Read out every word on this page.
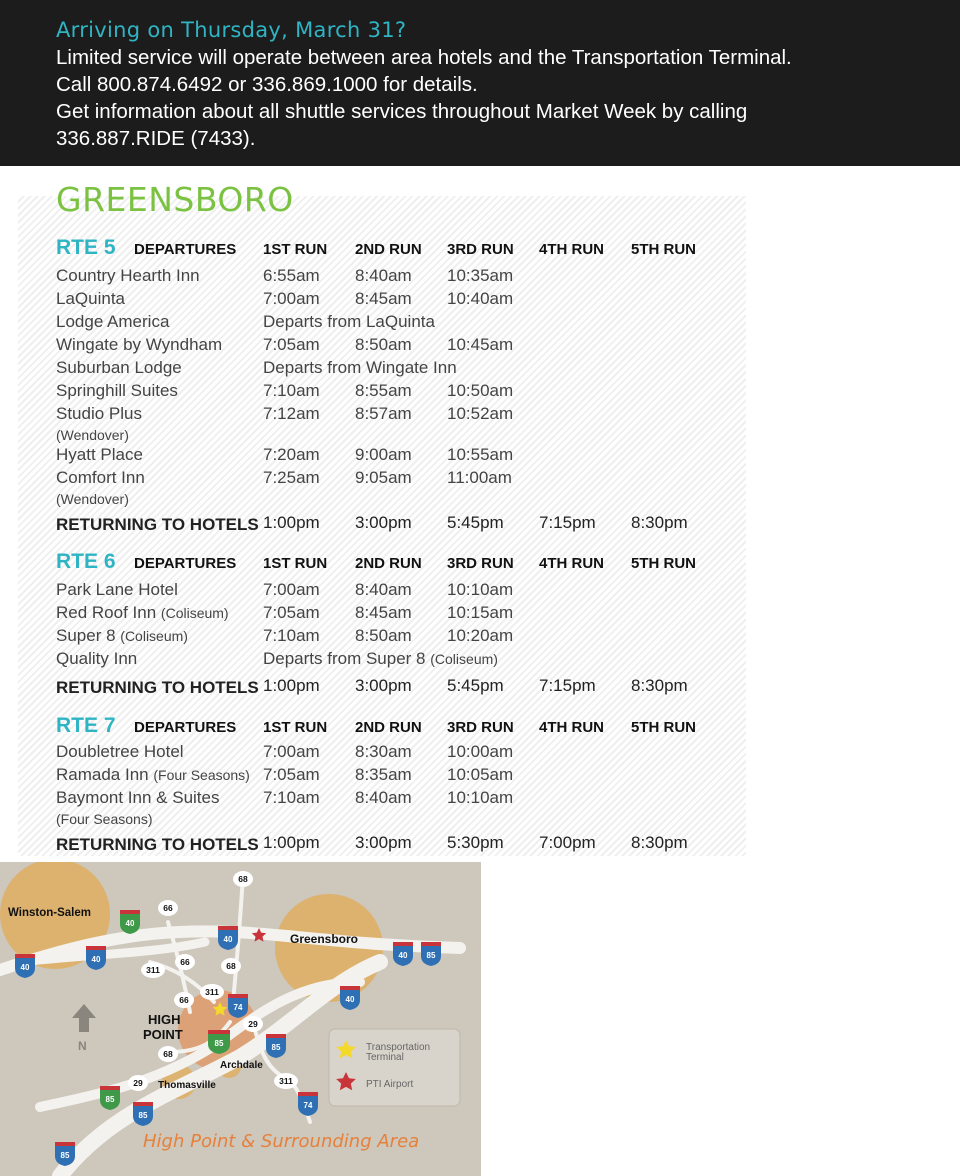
Arriving on Thursday, March 31?
Limited service will operate between area hotels and the Transportation Terminal.
Call 800.874.6492 or 336.869.1000 for details.
Get information about all shuttle services throughout Market Week by calling
336.887.RIDE (7433).
GREENSBORO
RTE 5 DEPARTURES 1ST RUN 2ND RUN 3RD RUN 4TH RUN 5TH RUN
Country Hearth Inn	6:55am 8:40am 10:35am
LaQuinta	7:00am 8:45am 10:40am
Lodge America	Departs from LaQuinta
Wingate by Wyndham 7:05am 8:50am 10:45am
Suburban Lodge	Departs from Wingate Inn
Springhill Suites	7:10am 8:55am 10:50am
Studio Plus	7:12am 8:57am 10:52am
(Wendover)
Hyatt Place	7:20am 9:00am 10:55am
Comfort Inn	7:25am 9:05am 11:00am
(Wendover)
RETURNING TO HOTELS 1:00pm 3:00pm 5:45pm 7:15pm 8:30pm
RTE 6 DEPARTURES 1ST RUN 2ND RUN 3RD RUN 4TH RUN 5TH RUN
Park Lane Hotel	7:00am 8:40am 10:10am
Red Roof Inn (Coliseum) 7:05am 8:45am 10:15am
Super 8 (Coliseum)	7:10am 8:50am 10:20am
Quality Inn	Departs from Super 8 (Coliseum)
RETURNING TO HOTELS 1:00pm 3:00pm 5:45pm 7:15pm 8:30pm
RTE 7 DEPARTURES 1ST RUN 2ND RUN 3RD RUN 4TH RUN 5TH RUN
Doubletree Hotel	7:00am 8:30am 10:00am
Ramada Inn (Four Seasons) 7:05am 8:35am 10:05am
Baymont Inn & Suites	7:10am 8:40am 10:10am
(Four Seasons)
RETURNING TO HOTELS 1:00pm 3:00pm 5:30pm 7:00pm 8:30pm
Winston-Salem
Greensboro
HIGH
POINT
Archdale
Thomasville
N
68
66
66	68
311
311
66
29
68
29	311
40
40
40
40	40 85
40
74
85	85
85
85
74
85
Transportation
Terminal
PTI Airport
High Point & Surrounding Area
